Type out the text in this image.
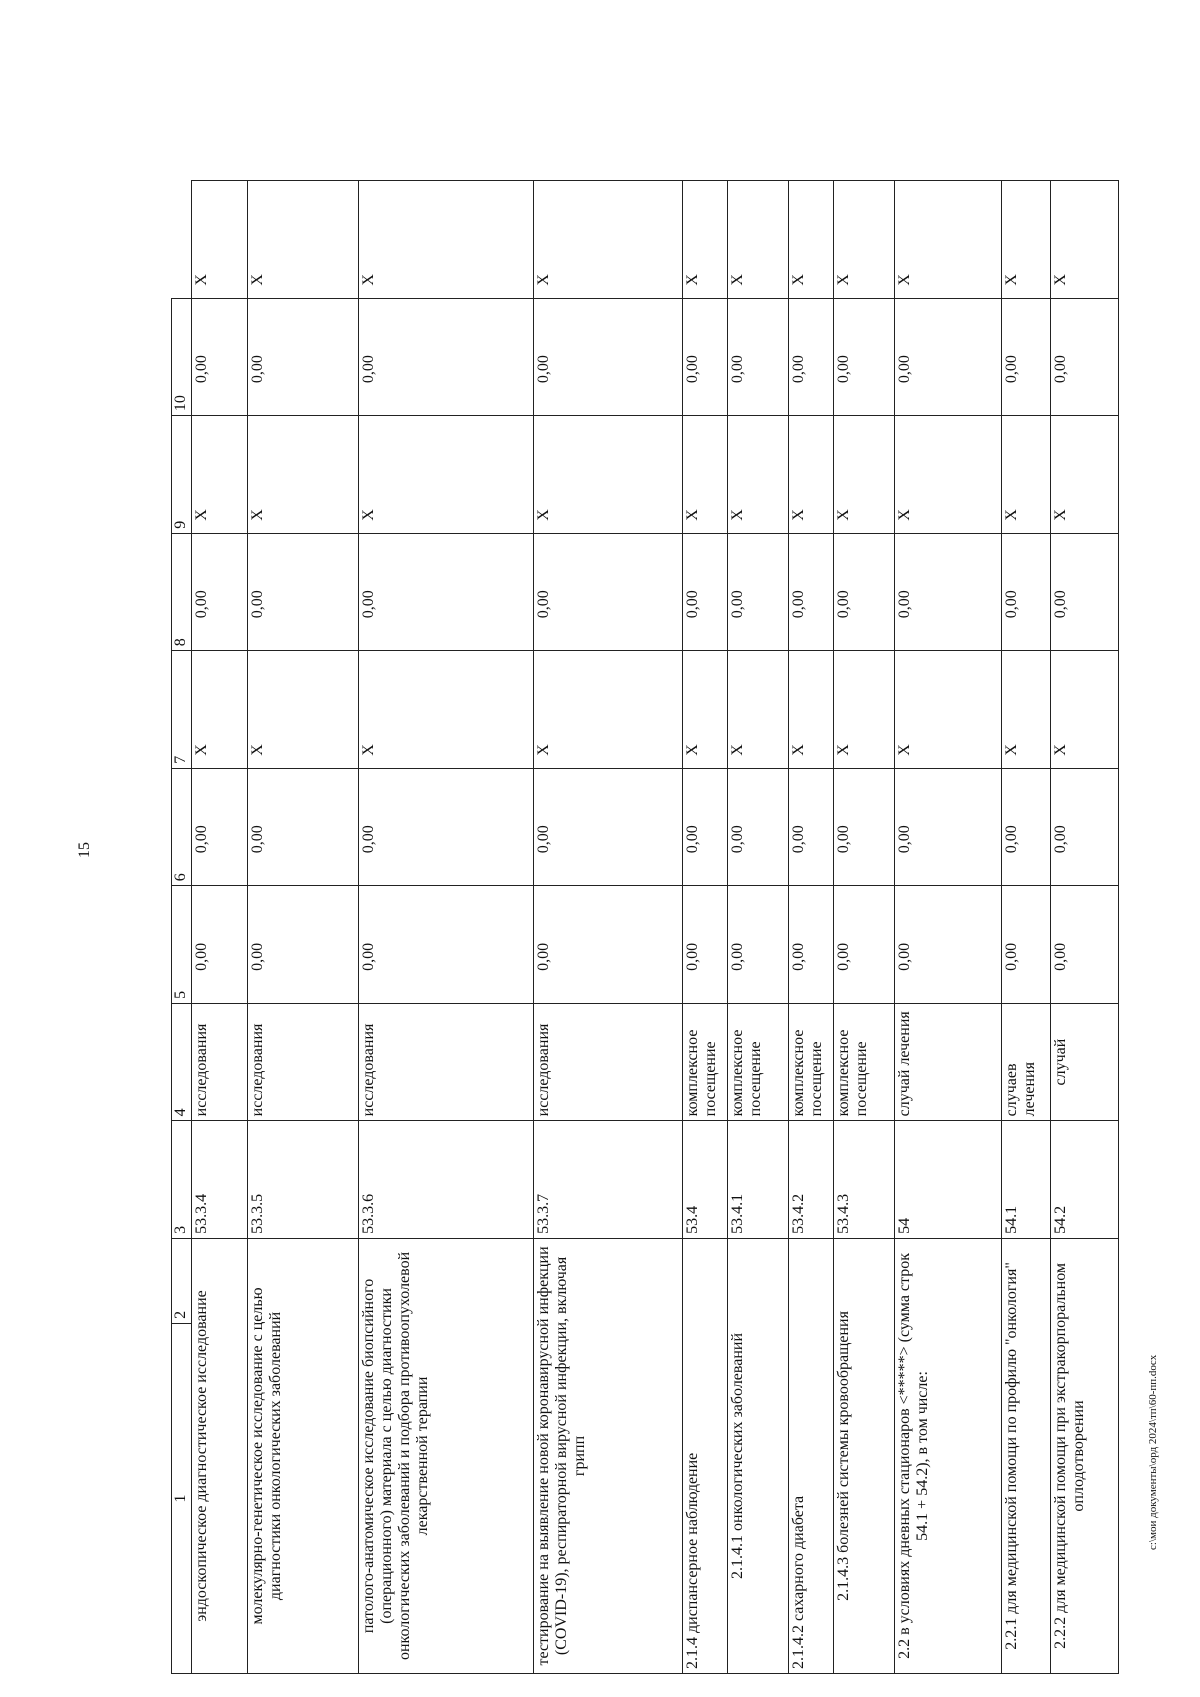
15
c:\мои документы\орд 2024\тп\60-пп.docx
1	2	3	4	5	6	7	8	9	10	
эндоскопическое диагностическое исследование		53.3.4	исследования	0,00	0,00	X	0,00	X	0,00	X
молекулярно-генетическое исследование с целью диагностики онкологических заболеваний		53.3.5	исследования	0,00	0,00	X	0,00	X	0,00	X
патолого-анатомическое исследование биопсийного (операционного) материала с целью диагностики онкологических заболеваний и подбора противоопухолевой лекарственной терапии		53.3.6	исследования	0,00	0,00	X	0,00	X	0,00	X
тестирование на выявление новой коронавирусной инфекции (COVID-19), респираторной вирусной инфекции, включая грипп		53.3.7	исследования	0,00	0,00	X	0,00	X	0,00	X
2.1.4 диспансерное наблюдение		53.4	комплексное посещение	0,00	0,00	X	0,00	X	0,00	X
2.1.4.1 онкологических заболеваний		53.4.1	комплексное посещение	0,00	0,00	X	0,00	X	0,00	X
2.1.4.2 сахарного диабета		53.4.2	комплексное посещение	0,00	0,00	X	0,00	X	0,00	X
2.1.4.3 болезней системы кровообращения		53.4.3	комплексное посещение	0,00	0,00	X	0,00	X	0,00	X
2.2 в условиях дневных стационаров <*****> (сумма строк 54.1 + 54.2), в том числе:		54	случай лечения	0,00	0,00	X	0,00	X	0,00	X
2.2.1 для медицинской помощи по профилю "онкология"		54.1	случаев лечения	0,00	0,00	X	0,00	X	0,00	X
2.2.2 для медицинской помощи при экстракорпоральном оплодотворении		54.2	случай	0,00	0,00	X	0,00	X	0,00	X
